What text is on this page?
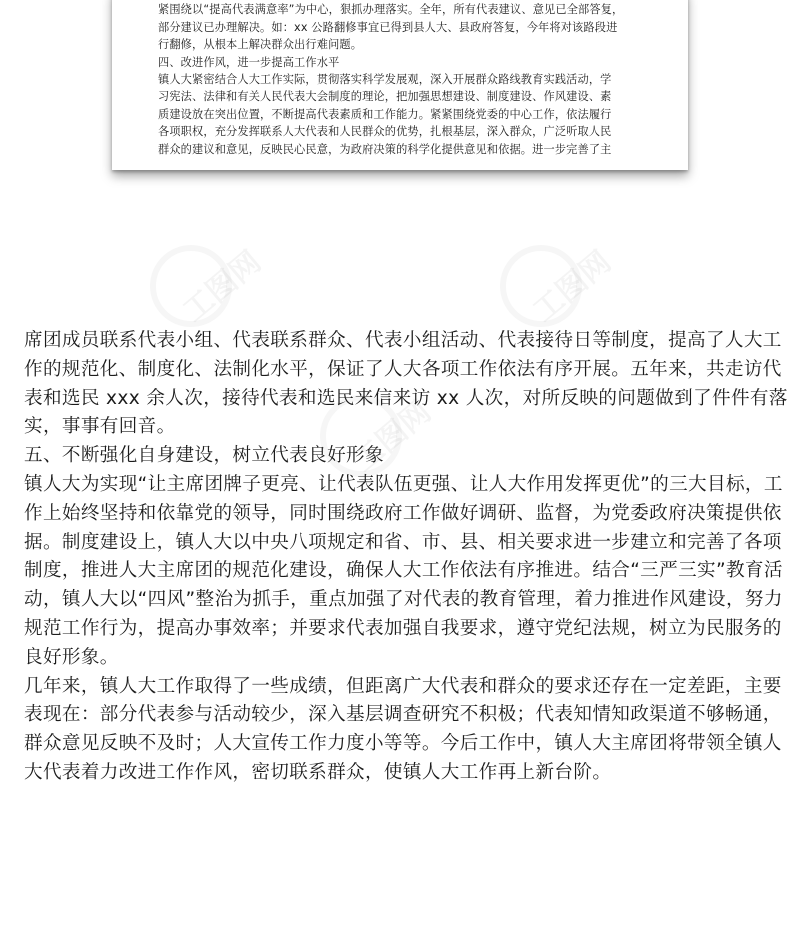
紧围绕以“提高代表满意率”为中心，狠抓办理落实。全年，所有代表建议、意见已全部答复，
部分建议已办理解决。如：xx 公路翻修事宜已得到县人大、县政府答复，今年将对该路段进
行翻修，从根本上解决群众出行难问题。
四、改进作风，进一步提高工作水平
镇人大紧密结合人大工作实际，贯彻落实科学发展观，深入开展群众路线教育实践活动，学
习宪法、法律和有关人民代表大会制度的理论，把加强思想建设、制度建设、作风建设、素
质建设放在突出位置，不断提高代表素质和工作能力。紧紧围绕党委的中心工作，依法履行
各项职权，充分发挥联系人大代表和人民群众的优势，扎根基层，深入群众，广泛听取人民
群众的建议和意见，反映民心民意，为政府决策的科学化提供意见和依据。进一步完善了主
席团成员联系代表小组、代表联系群众、代表小组活动、代表接待日等制度，提高了人大工
作的规范化、制度化、法制化水平，保证了人大各项工作依法有序开展。五年来，共走访代
表和选民 xxx 余人次，接待代表和选民来信来访 xx 人次，对所反映的问题做到了件件有落
实，事事有回音。
五、不断强化自身建设，树立代表良好形象
镇人大为实现“让主席团牌子更亮、让代表队伍更强、让人大作用发挥更优”的三大目标，工
作上始终坚持和依靠党的领导，同时围绕政府工作做好调研、监督，为党委政府决策提供依
据。制度建设上，镇人大以中央八项规定和省、市、县、相关要求进一步建立和完善了各项
制度，推进人大主席团的规范化建设，确保人大工作依法有序推进。结合“三严三实”教育活
动，镇人大以“四风”整治为抓手，重点加强了对代表的教育管理，着力推进作风建设，努力
规范工作行为，提高办事效率；并要求代表加强自我要求，遵守党纪法规，树立为民服务的
良好形象。
几年来，镇人大工作取得了一些成绩，但距离广大代表和群众的要求还存在一定差距，主要
表现在：部分代表参与活动较少，深入基层调查研究不积极；代表知情知政渠道不够畅通，
群众意见反映不及时；人大宣传工作力度小等等。今后工作中，镇人大主席团将带领全镇人
大代表着力改进工作作风，密切联系群众，使镇人大工作再上新台阶。
